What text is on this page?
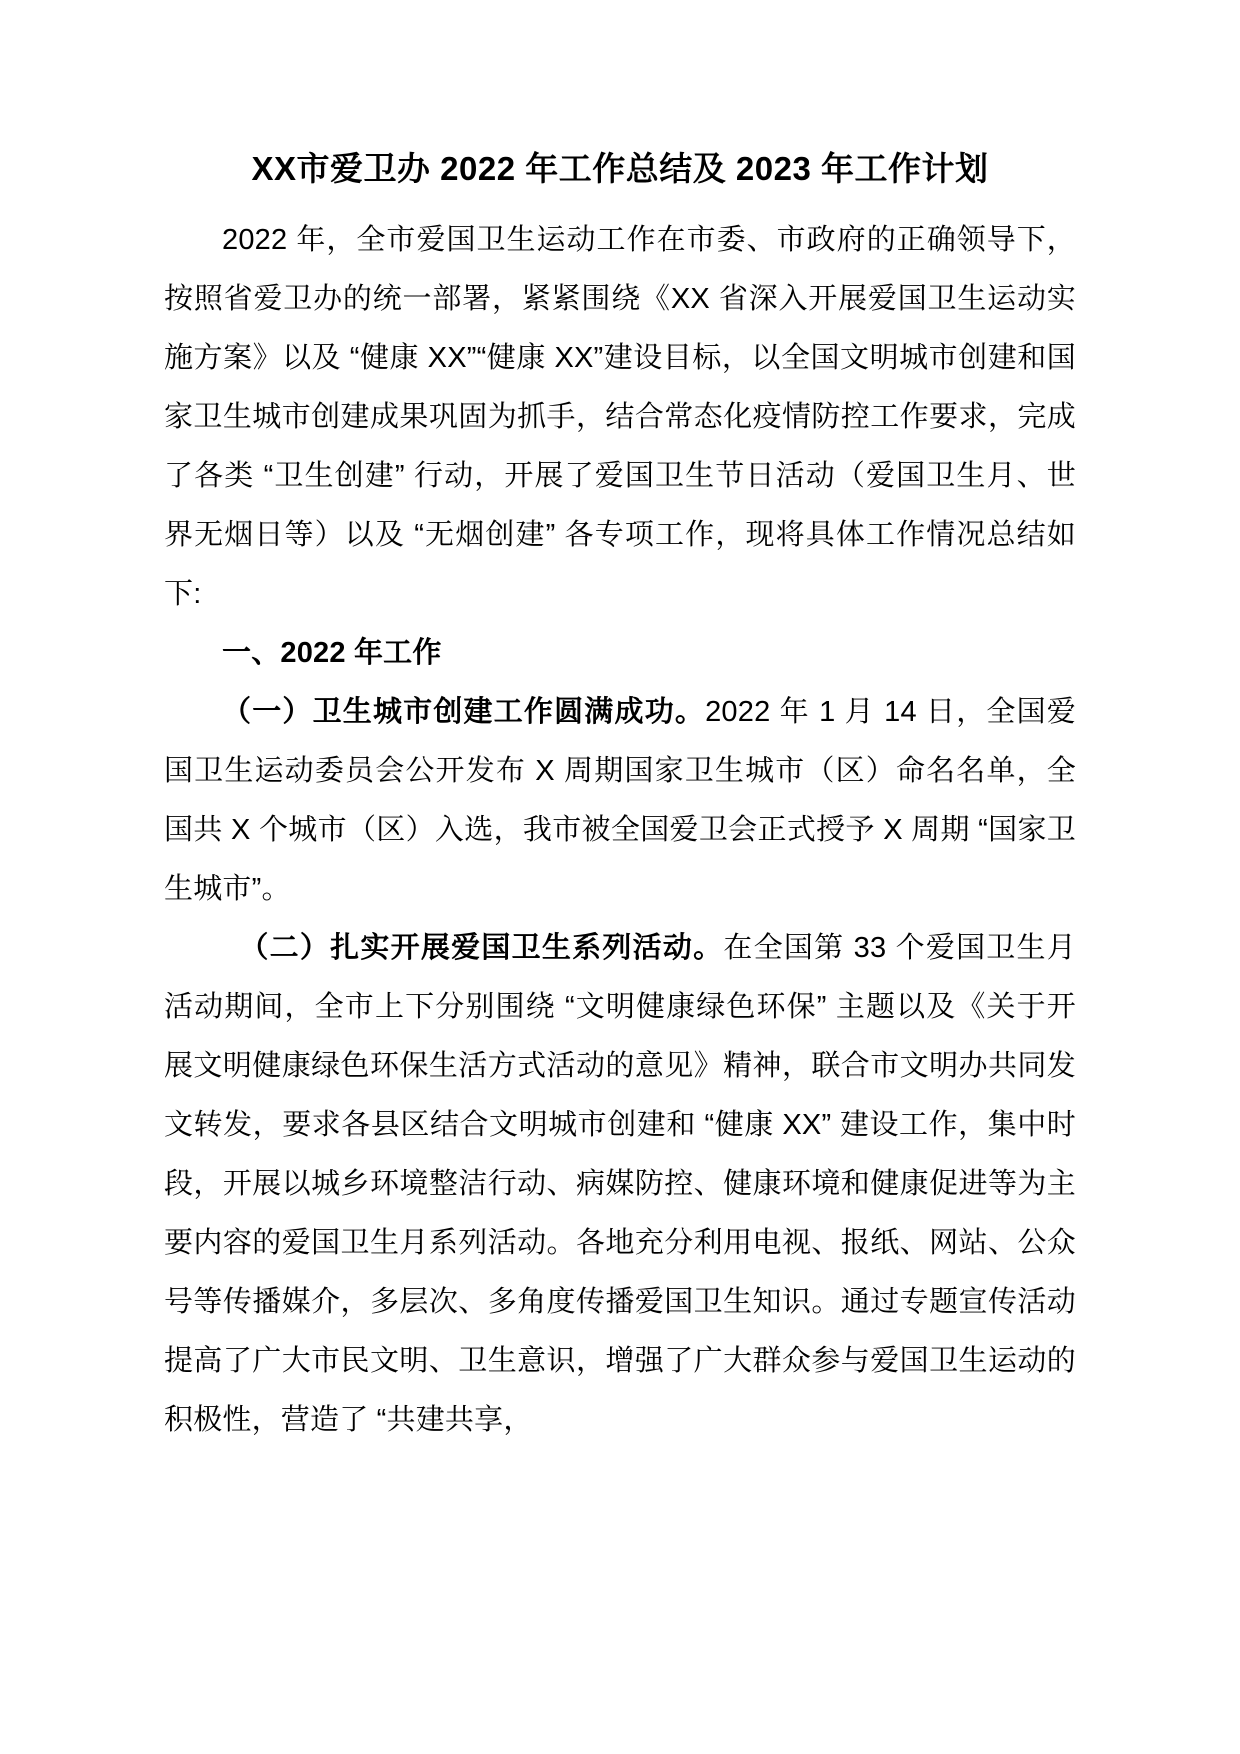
XX市爱卫办 2022 年工作总结及 2023 年工作计划

2022 年，全市爱国卫生运动工作在市委、市政府的正确领导下，按照省爱卫办的统一部署，紧紧围绕《XX 省深入开展爱国卫生运动实施方案》以及 “健康 XX”“健康 XX”建设目标，以全国文明城市创建和国家卫生城市创建成果巩固为抓手，结合常态化疫情防控工作要求，完成了各类 “卫生创建” 行动，开展了爱国卫生节日活动（爱国卫生月、世界无烟日等）以及 “无烟创建” 各专项工作，现将具体工作情况总结如下:

一、2022 年工作

（一）卫生城市创建工作圆满成功。2022 年 1 月 14 日，全国爱国卫生运动委员会公开发布 X 周期国家卫生城市（区）命名名单，全国共 X 个城市（区）入选，我市被全国爱卫会正式授予 X 周期 “国家卫生城市”。

（二）扎实开展爱国卫生系列活动。在全国第 33 个爱国卫生月活动期间，全市上下分别围绕 “文明健康绿色环保” 主题以及《关于开展文明健康绿色环保生活方式活动的意见》精神，联合市文明办共同发文转发，要求各县区结合文明城市创建和 “健康 XX” 建设工作，集中时段，开展以城乡环境整洁行动、病媒防控、健康环境和健康促进等为主要内容的爱国卫生月系列活动。各地充分利用电视、报纸、网站、公众号等传播媒介，多层次、多角度传播爱国卫生知识。通过专题宣传活动提高了广大市民文明、卫生意识，增强了广大群众参与爱国卫生运动的积极性，营造了 “共建共享，
